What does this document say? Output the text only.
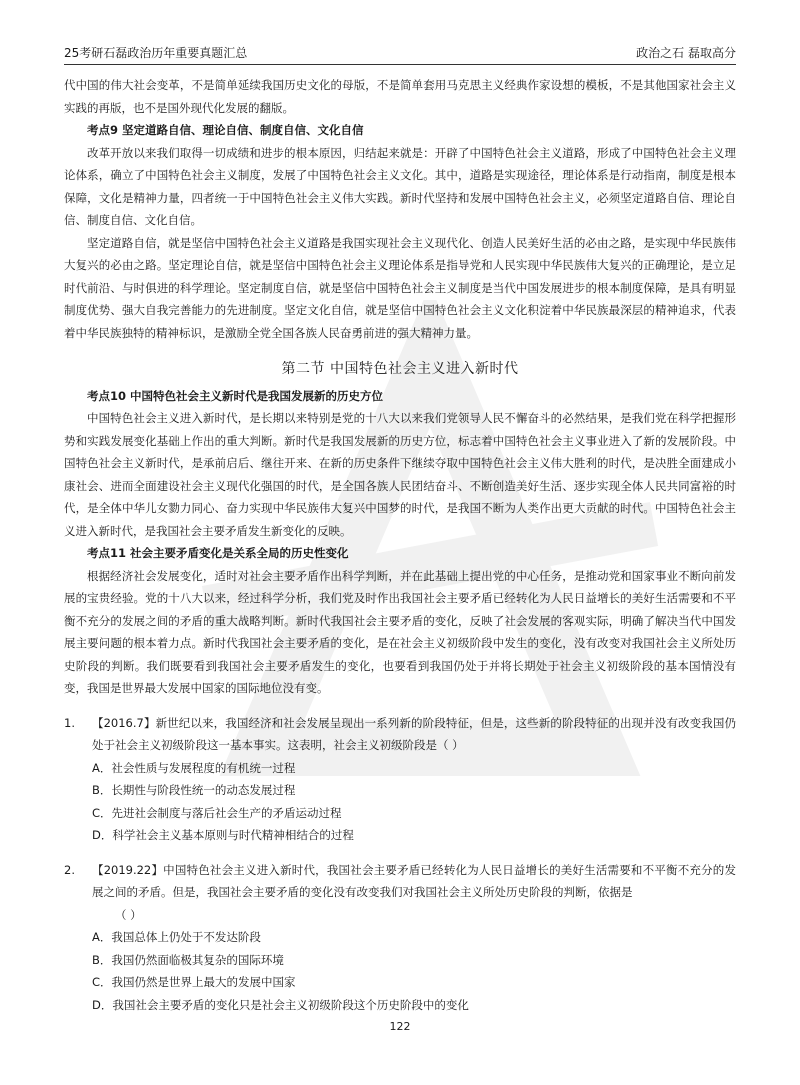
25考研石磊政治历年重要真题汇总	政治之石 磊取高分

代中国的伟大社会变革，不是简单延续我国历史文化的母版，不是简单套用马克思主义经典作家设想的模板，不是其他国家社会主义实践的再版，也不是国外现代化发展的翻版。

考点9 坚定道路自信、理论自信、制度自信、文化自信

改革开放以来我们取得一切成绩和进步的根本原因，归结起来就是：开辟了中国特色社会主义道路，形成了中国特色社会主义理论体系，确立了中国特色社会主义制度，发展了中国特色社会主义文化。其中，道路是实现途径，理论体系是行动指南，制度是根本保障，文化是精神力量，四者统一于中国特色社会主义伟大实践。新时代坚持和发展中国特色社会主义，必须坚定道路自信、理论自信、制度自信、文化自信。

坚定道路自信，就是坚信中国特色社会主义道路是我国实现社会主义现代化、创造人民美好生活的必由之路，是实现中华民族伟大复兴的必由之路。坚定理论自信，就是坚信中国特色社会主义理论体系是指导党和人民实现中华民族伟大复兴的正确理论，是立足时代前沿、与时俱进的科学理论。坚定制度自信，就是坚信中国特色社会主义制度是当代中国发展进步的根本制度保障，是具有明显制度优势、强大自我完善能力的先进制度。坚定文化自信，就是坚信中国特色社会主义文化积淀着中华民族最深层的精神追求，代表着中华民族独特的精神标识，是激励全党全国各族人民奋勇前进的强大精神力量。

第二节 中国特色社会主义进入新时代

考点10 中国特色社会主义新时代是我国发展新的历史方位

中国特色社会主义进入新时代，是长期以来特别是党的十八大以来我们党领导人民不懈奋斗的必然结果，是我们党在科学把握形势和实践发展变化基础上作出的重大判断。新时代是我国发展新的历史方位，标志着中国特色社会主义事业进入了新的发展阶段。中国特色社会主义新时代，是承前启后、继往开来、在新的历史条件下继续夺取中国特色社会主义伟大胜利的时代，是决胜全面建成小康社会、进而全面建设社会主义现代化强国的时代，是全国各族人民团结奋斗、不断创造美好生活、逐步实现全体人民共同富裕的时代，是全体中华儿女勠力同心、奋力实现中华民族伟大复兴中国梦的时代，是我国不断为人类作出更大贡献的时代。中国特色社会主义进入新时代，是我国社会主要矛盾发生新变化的反映。

考点11 社会主要矛盾变化是关系全局的历史性变化

根据经济社会发展变化，适时对社会主要矛盾作出科学判断，并在此基础上提出党的中心任务，是推动党和国家事业不断向前发展的宝贵经验。党的十八大以来，经过科学分析，我们党及时作出我国社会主要矛盾已经转化为人民日益增长的美好生活需要和不平衡不充分的发展之间的矛盾的重大战略判断。新时代我国社会主要矛盾的变化，反映了社会发展的客观实际，明确了解决当代中国发展主要问题的根本着力点。新时代我国社会主要矛盾的变化，是在社会主义初级阶段中发生的变化，没有改变对我国社会主义所处历史阶段的判断。我们既要看到我国社会主要矛盾发生的变化，也要看到我国仍处于并将长期处于社会主义初级阶段的基本国情没有变，我国是世界最大发展中国家的国际地位没有变。

1.	【2016.7】新世纪以来，我国经济和社会发展呈现出一系列新的阶段特征，但是，这些新的阶段特征的出现并没有改变我国仍处于社会主义初级阶段这一基本事实。这表明，社会主义初级阶段是（ ）

A．社会性质与发展程度的有机统一过程

B．长期性与阶段性统一的动态发展过程

C．先进社会制度与落后社会生产的矛盾运动过程

D．科学社会主义基本原则与时代精神相结合的过程

2.	【2019.22】中国特色社会主义进入新时代，我国社会主要矛盾已经转化为人民日益增长的美好生活需要和不平衡不充分的发展之间的矛盾。但是，我国社会主要矛盾的变化没有改变我们对我国社会主义所处历史阶段的判断，依据是

（ ）

A．我国总体上仍处于不发达阶段

B．我国仍然面临极其复杂的国际环境

C．我国仍然是世界上最大的发展中国家

D．我国社会主要矛盾的变化只是社会主义初级阶段这个历史阶段中的变化

122
